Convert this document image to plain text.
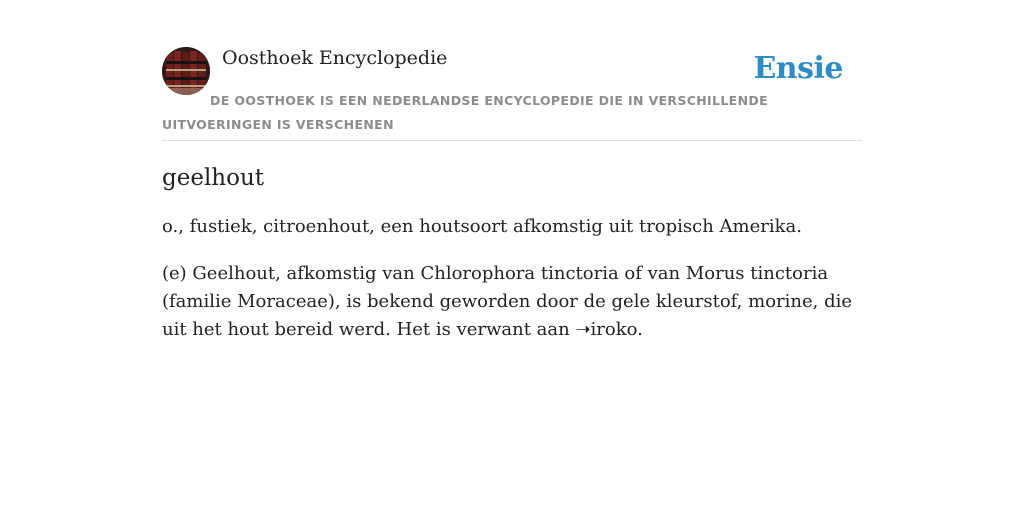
Oosthoek Encyclopedie	Ensie
DE OOSTHOEK IS EEN NEDERLANDSE ENCYCLOPEDIE DIE IN VERSCHILLENDE UITVOERINGEN IS VERSCHENEN
geelhout

o., fustiek, citroenhout, een houtsoort afkomstig uit tropisch Amerika.

(e) Geelhout, afkomstig van Chlorophora tinctoria of van Morus tinctoria (familie Moraceae), is bekend geworden door de gele kleurstof, morine, die uit het hout bereid werd. Het is verwant aan ➝iroko.
